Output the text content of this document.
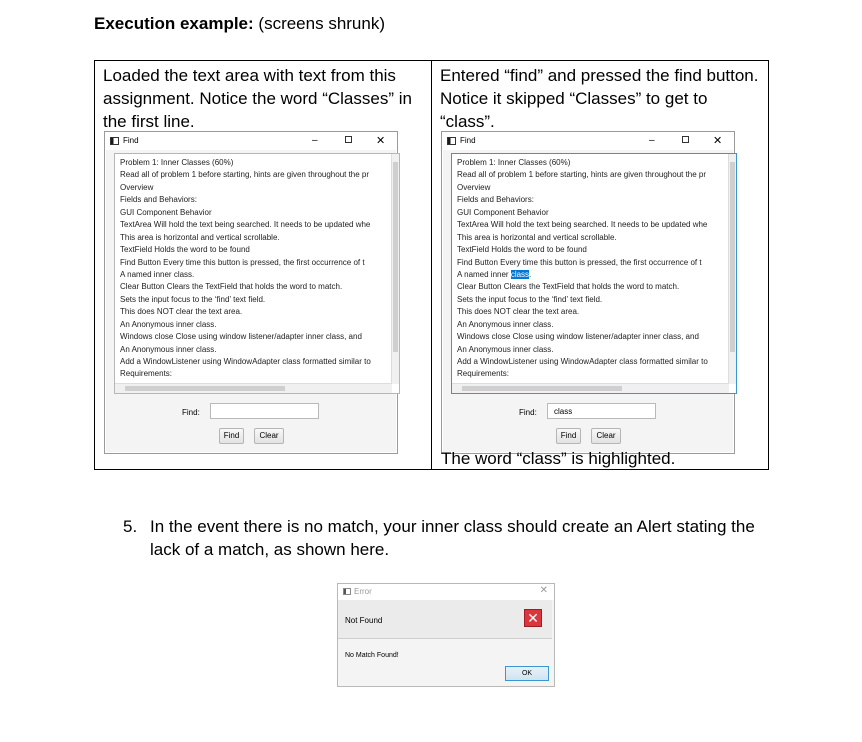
Execution example: (screens shrunk)
Loaded the text area with text from this assignment. Notice the word “Classes” in the first line.

Entered “find” and pressed the find button. Notice it skipped “Classes” to get to “class”.
Find	–	✕
Problem 1: Inner Classes (60%)
Read all of problem 1 before starting, hints are given throughout the pr
Overview
Fields and Behaviors:
GUI Component Behavior
TextArea Will hold the text being searched. It needs to be updated whe
This area is horizontal and vertical scrollable.
TextField Holds the word to be found
Find Button Every time this button is pressed, the first occurrence of t
A named inner class.
Clear Button Clears the TextField that holds the word to match.
Sets the input focus to the ‘find’ text field.
This does NOT clear the text area.
An Anonymous inner class.
Windows close Close using window listener/adapter inner class, and
An Anonymous inner class.
Add a WindowListener using WindowAdapter class formatted similar to
Requirements:
Find:
Find	Clear
Find	–	✕
Problem 1: Inner Classes (60%)
Read all of problem 1 before starting, hints are given throughout the pr
Overview
Fields and Behaviors:
GUI Component Behavior
TextArea Will hold the text being searched. It needs to be updated whe
This area is horizontal and vertical scrollable.
TextField Holds the word to be found
Find Button Every time this button is pressed, the first occurrence of t
A named inner class.
Clear Button Clears the TextField that holds the word to match.
Sets the input focus to the ‘find’ text field.
This does NOT clear the text area.
An Anonymous inner class.
Windows close Close using window listener/adapter inner class, and
An Anonymous inner class.
Add a WindowListener using WindowAdapter class formatted similar to
Requirements:
Find:	class
Find	Clear
The word “class” is highlighted.
5. In the event there is no match, your inner class should create an Alert stating the lack of a match, as shown here.
Error	✕
Not Found	✕
No Match Found!
OK
